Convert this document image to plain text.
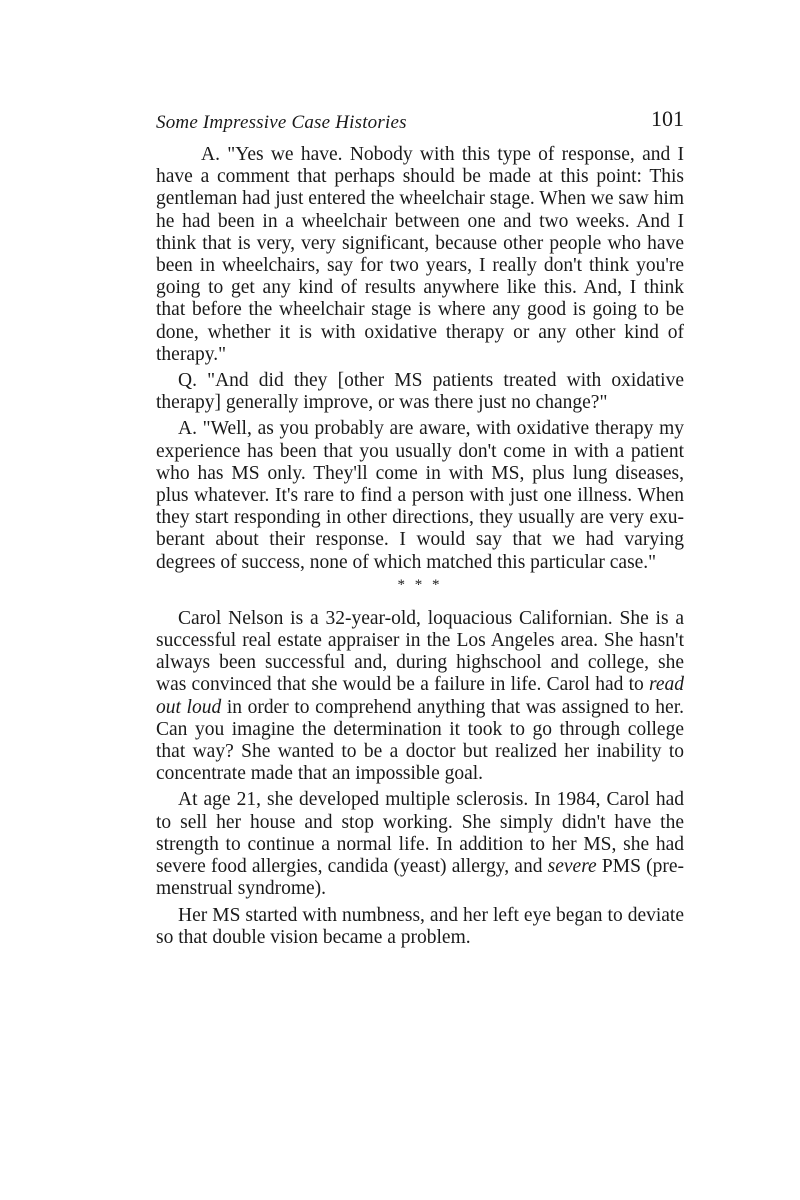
Some Impressive Case Histories	101

A. "Yes we have. Nobody with this type of response, and I have a comment that perhaps should be made at this point: This gentleman had just entered the wheelchair stage. When we saw him he had been in a wheelchair between one and two weeks. And I think that is very, very significant, because other people who have been in wheelchairs, say for two years, I really don't think you're going to get any kind of results anywhere like this. And, I think that before the wheelchair stage is where any good is going to be done, whether it is with oxidative therapy or any other kind of therapy."

Q. "And did they [other MS patients treated with oxidative therapy] generally improve, or was there just no change?"

A. "Well, as you probably are aware, with oxidative therapy my experience has been that you usually don't come in with a patient who has MS only. They'll come in with MS, plus lung diseases, plus whatever. It's rare to find a person with just one illness. When they start responding in other directions, they usually are very exuberant about their response. I would say that we had varying degrees of success, none of which matched this particular case."

* * *

Carol Nelson is a 32-year-old, loquacious Californian. She is a successful real estate appraiser in the Los Angeles area. She hasn't always been successful and, during highschool and college, she was convinced that she would be a failure in life. Carol had to read out loud in order to comprehend anything that was assigned to her. Can you imagine the determination it took to go through college that way? She wanted to be a doctor but realized her inability to concentrate made that an impossible goal.

At age 21, she developed multiple sclerosis. In 1984, Carol had to sell her house and stop working. She simply didn't have the strength to continue a normal life. In addition to her MS, she had severe food allergies, candida (yeast) allergy, and severe PMS (pre-menstrual syndrome).

Her MS started with numbness, and her left eye began to deviate so that double vision became a problem.
